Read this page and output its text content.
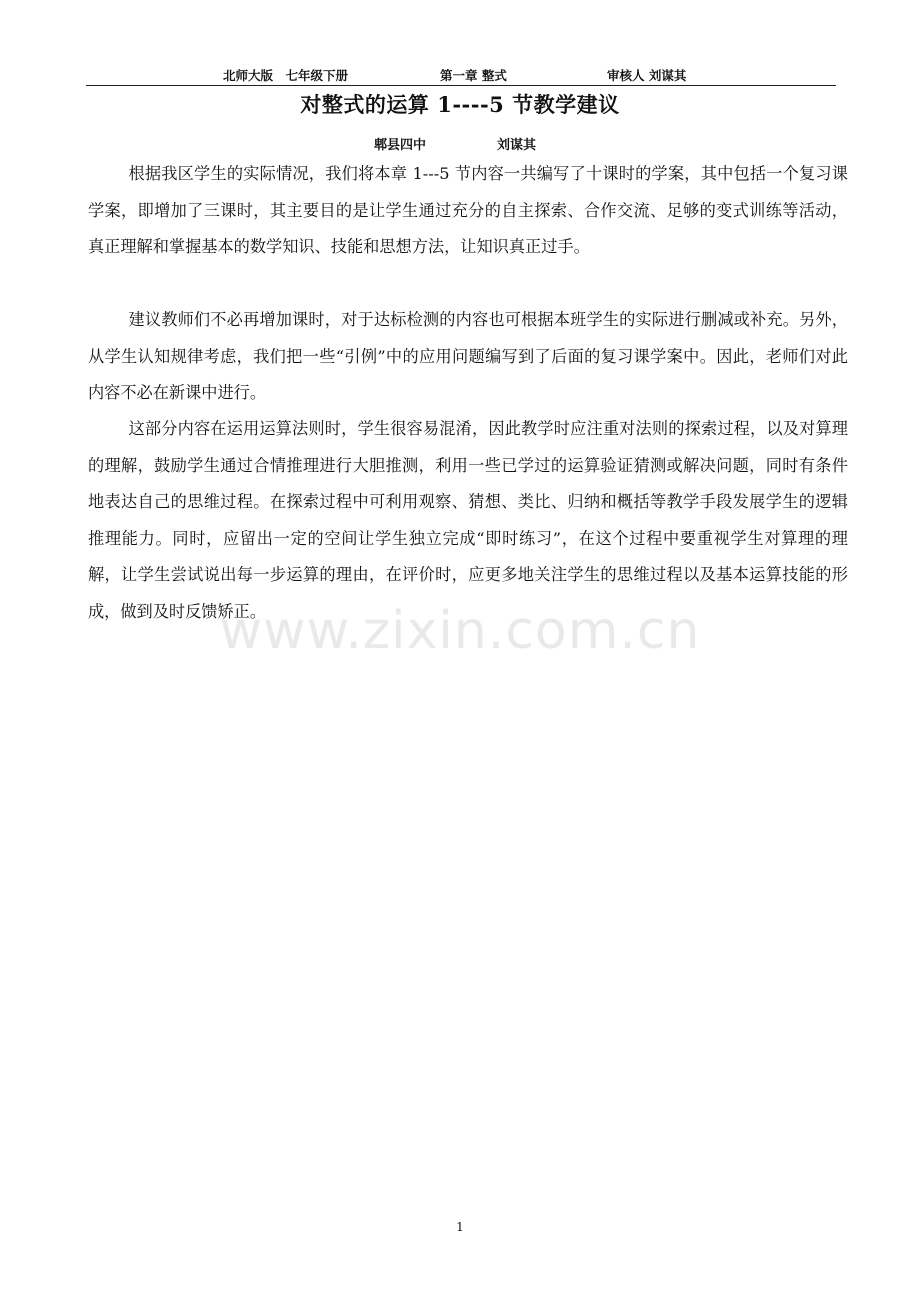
北师大版　七年级下册	第一章 整式	审核人 刘谋其
对整式的运算 1----5 节教学建议
郫县四中	刘谋其

根据我区学生的实际情况，我们将本章 1---5 节内容一共编写了十课时的学案，其中包括一个复习课学案，即增加了三课时，其主要目的是让学生通过充分的自主探索、合作交流、足够的变式训练等活动，真正理解和掌握基本的数学知识、技能和思想方法，让知识真正过手。

建议教师们不必再增加课时，对于达标检测的内容也可根据本班学生的实际进行删减或补充。另外，从学生认知规律考虑，我们把一些“引例”中的应用问题编写到了后面的复习课学案中。因此，老师们对此内容不必在新课中进行。

这部分内容在运用运算法则时，学生很容易混淆，因此教学时应注重对法则的探索过程，以及对算理的理解，鼓励学生通过合情推理进行大胆推测，利用一些已学过的运算验证猜测或解决问题，同时有条件地表达自己的思维过程。在探索过程中可利用观察、猜想、类比、归纳和概括等教学手段发展学生的逻辑推理能力。同时，应留出一定的空间让学生独立完成“即时练习”，在这个过程中要重视学生对算理的理解，让学生尝试说出每一步运算的理由，在评价时，应更多地关注学生的思维过程以及基本运算技能的形成，做到及时反馈矫正。

www.zixin.com.cn
1
